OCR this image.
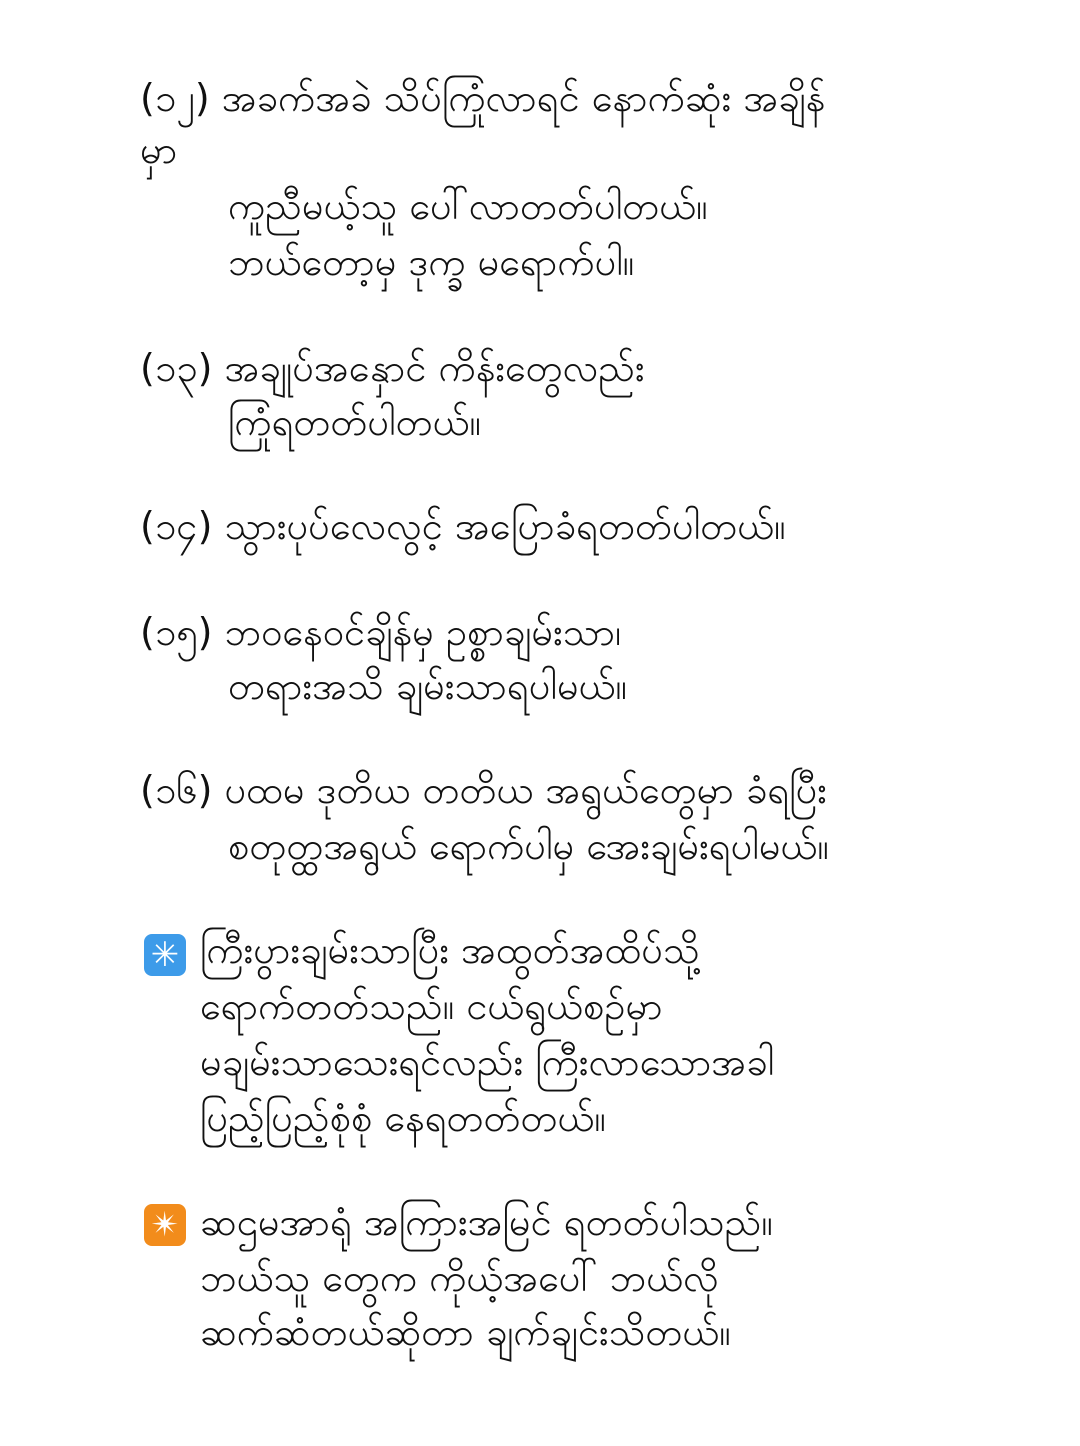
(၁၂) အခက်အခဲ သိပ်ကြုံလာရင် နောက်ဆုံး အချိန်
မှာ
ကူညီမယ့်သူ ပေါ်လာတတ်ပါတယ်။
ဘယ်တော့မှ ဒုက္ခ မရောက်ပါ။
(၁၃) အချုပ်အနှောင် ကိန်းတွေလည်း
ကြုံရတတ်ပါတယ်။
(၁၄) သွားပုပ်လေလွင့် အပြောခံရတတ်ပါတယ်။
(၁၅) ဘဝနေဝင်ချိန်မှ ဥစ္စာချမ်းသာ၊
တရားအသိ ချမ်းသာရပါမယ်။
(၁၆) ပထမ ဒုတိယ တတိယ အရွယ်တွေမှာ ခံရပြီး
စတုတ္ထအရွယ် ရောက်ပါမှ အေးချမ်းရပါမယ်။
✳ ကြီးပွားချမ်းသာပြီး အထွတ်အထိပ်သို့
ရောက်တတ်သည်။ ငယ်ရွယ်စဉ်မှာ
မချမ်းသာသေးရင်လည်း ကြီးလာသောအခါ
ပြည့်ပြည့်စုံစုံ နေရတတ်တယ်။
✴ ဆဌမအာရုံ အကြားအမြင် ရတတ်ပါသည်။
ဘယ်သူ တွေက ကိုယ့်အပေါ် ဘယ်လို
ဆက်ဆံတယ်ဆိုတာ ချက်ချင်းသိတယ်။
